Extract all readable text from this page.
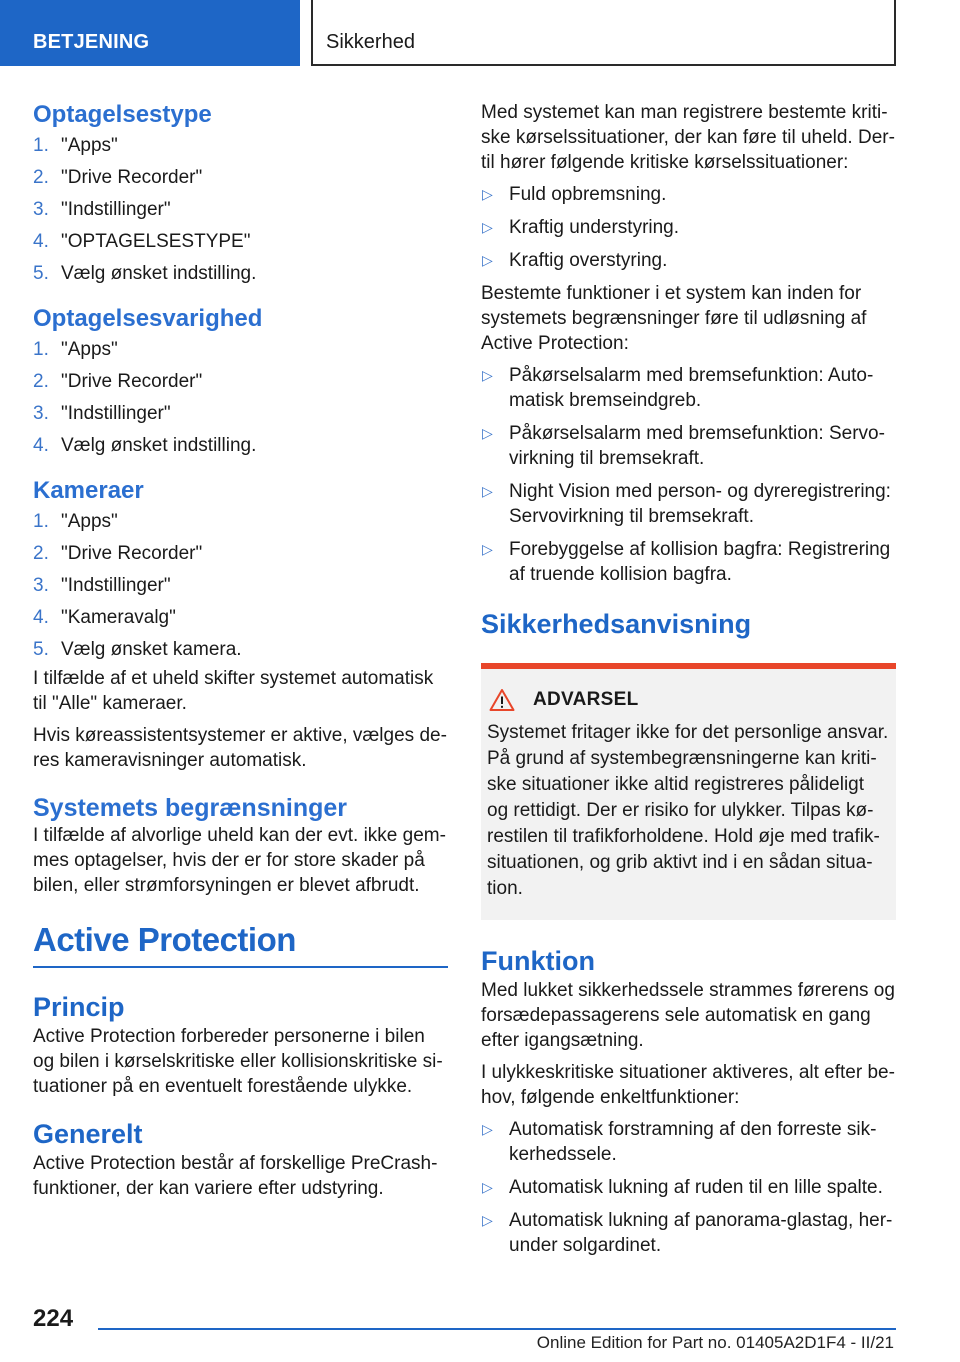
BETJENING	Sikkerhed
Optagelsestype
1. "Apps"
2. "Drive Recorder"
3. "Indstillinger"
4. "OPTAGELSESTYPE"
5. Vælg ønsket indstilling.
Optagelsesvarighed
1. "Apps"
2. "Drive Recorder"
3. "Indstillinger"
4. Vælg ønsket indstilling.
Kameraer
1. "Apps"
2. "Drive Recorder"
3. "Indstillinger"
4. "Kameravalg"
5. Vælg ønsket kamera.

I tilfælde af et uheld skifter systemet automatisk til "Alle" kameraer.

Hvis køreassistentsystemer er aktive, vælges deres kameravisninger automatisk.

Systemets begrænsninger

I tilfælde af alvorlige uheld kan der evt. ikke gemmes optagelser, hvis der er for store skader på bilen, eller strømforsyningen er blevet afbrudt.

Active Protection
Princip

Active Protection forbereder personerne i bilen og bilen i kørselskritiske eller kollisionskritiske situationer på en eventuelt forestående ulykke.

Generelt

Active Protection består af forskellige PreCrash-funktioner, der kan variere efter udstyring.

Med systemet kan man registrere bestemte kritiske kørselssituationer, der kan føre til uheld. Dertil hører følgende kritiske kørselssituationer:

▷ Fuld opbremsning.
▷ Kraftig understyring.
▷ Kraftig overstyring.

Bestemte funktioner i et system kan inden for systemets begrænsninger føre til udløsning af Active Protection:

▷ Påkørselsalarm med bremsefunktion: Automatisk bremseindgreb.
▷ Påkørselsalarm med bremsefunktion: Servovirkning til bremsekraft.
▷ Night Vision med person- og dyreregistrering: Servovirkning til bremsekraft.
▷ Forebyggelse af kollision bagfra: Registrering af truende kollision bagfra.
Sikkerhedsanvisning
ADVARSEL

Systemet fritager ikke for det personlige ansvar. På grund af systembegrænsningerne kan kritiske situationer ikke altid registreres pålideligt og rettidigt. Der er risiko for ulykker. Tilpas kørestilen til trafikforholdene. Hold øje med trafiksituationen, og grib aktivt ind i en sådan situation.

Funktion

Med lukket sikkerhedssele strammes førerens og forsædepassagerens sele automatisk en gang efter igangsætning.

I ulykkeskritiske situationer aktiveres, alt efter behov, følgende enkeltfunktioner:

▷ Automatisk forstramning af den forreste sikkerhedssele.
▷ Automatisk lukning af ruden til en lille spalte.
▷ Automatisk lukning af panorama-glastag, herunder solgardinet.
224
Online Edition for Part no. 01405A2D1F4 - II/21
